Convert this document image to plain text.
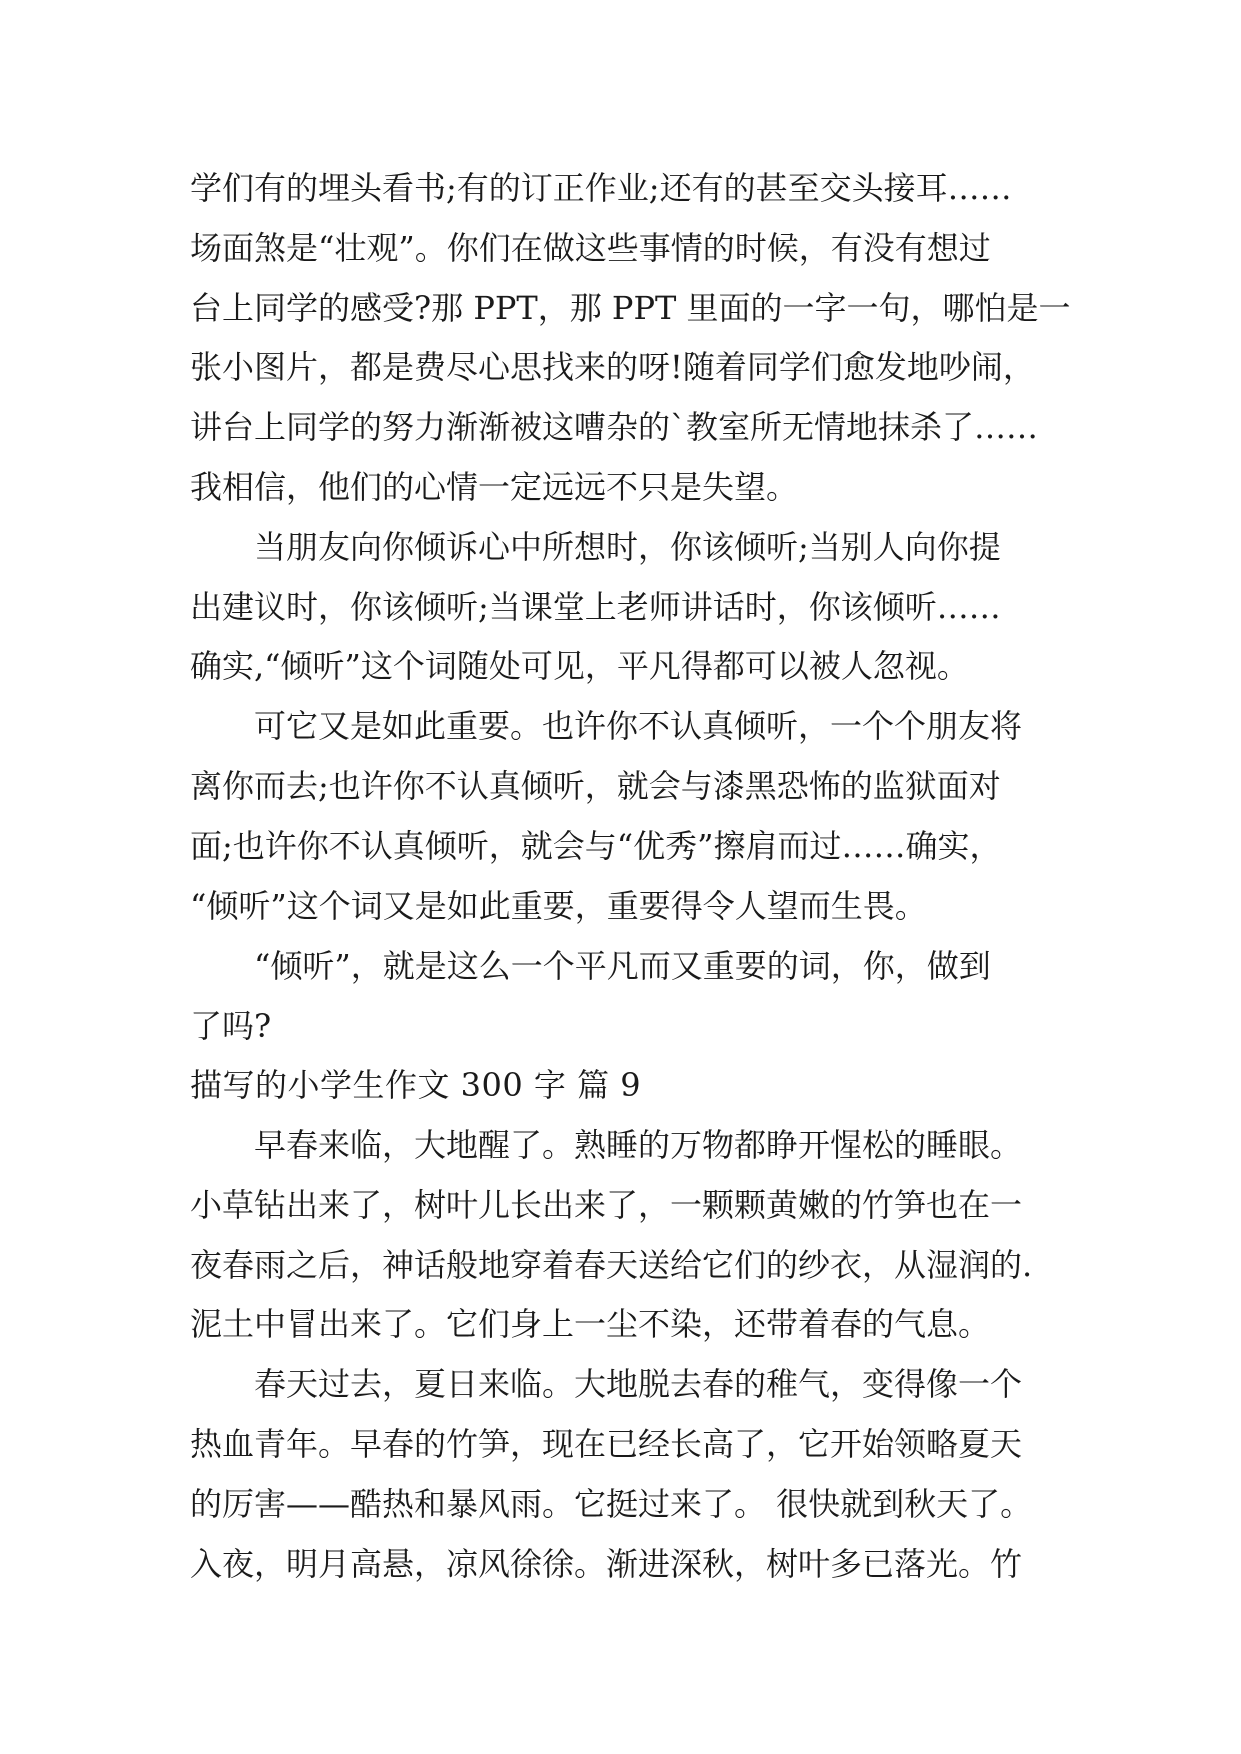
学们有的埋头看书;有的订正作业;还有的甚至交头接耳……

场面煞是“壮观”。你们在做这些事情的时候，有没有想过

台上同学的感受?那 PPT，那 PPT 里面的一字一句，哪怕是一

张小图片，都是费尽心思找来的呀!随着同学们愈发地吵闹，

讲台上同学的努力渐渐被这嘈杂的`教室所无情地抹杀了……

我相信，他们的心情一定远远不只是失望。

当朋友向你倾诉心中所想时，你该倾听;当别人向你提

出建议时，你该倾听;当课堂上老师讲话时，你该倾听……

确实,“倾听”这个词随处可见，平凡得都可以被人忽视。

可它又是如此重要。也许你不认真倾听，一个个朋友将

离你而去;也许你不认真倾听，就会与漆黑恐怖的监狱面对

面;也许你不认真倾听，就会与“优秀”擦肩而过……确实，

“倾听”这个词又是如此重要，重要得令人望而生畏。

“倾听”，就是这么一个平凡而又重要的词，你，做到

了吗?

描写的小学生作文 300 字 篇 9

早春来临，大地醒了。熟睡的万物都睁开惺松的睡眼。

小草钻出来了，树叶儿长出来了，一颗颗黄嫩的竹笋也在一

夜春雨之后，神话般地穿着春天送给它们的纱衣，从湿润的.

泥土中冒出来了。它们身上一尘不染，还带着春的气息。

春天过去，夏日来临。大地脱去春的稚气，变得像一个

热血青年。早春的竹笋，现在已经长高了，它开始领略夏天

的厉害——酷热和暴风雨。它挺过来了。 很快就到秋天了。

入夜，明月高悬，凉风徐徐。渐进深秋，树叶多已落光。竹
